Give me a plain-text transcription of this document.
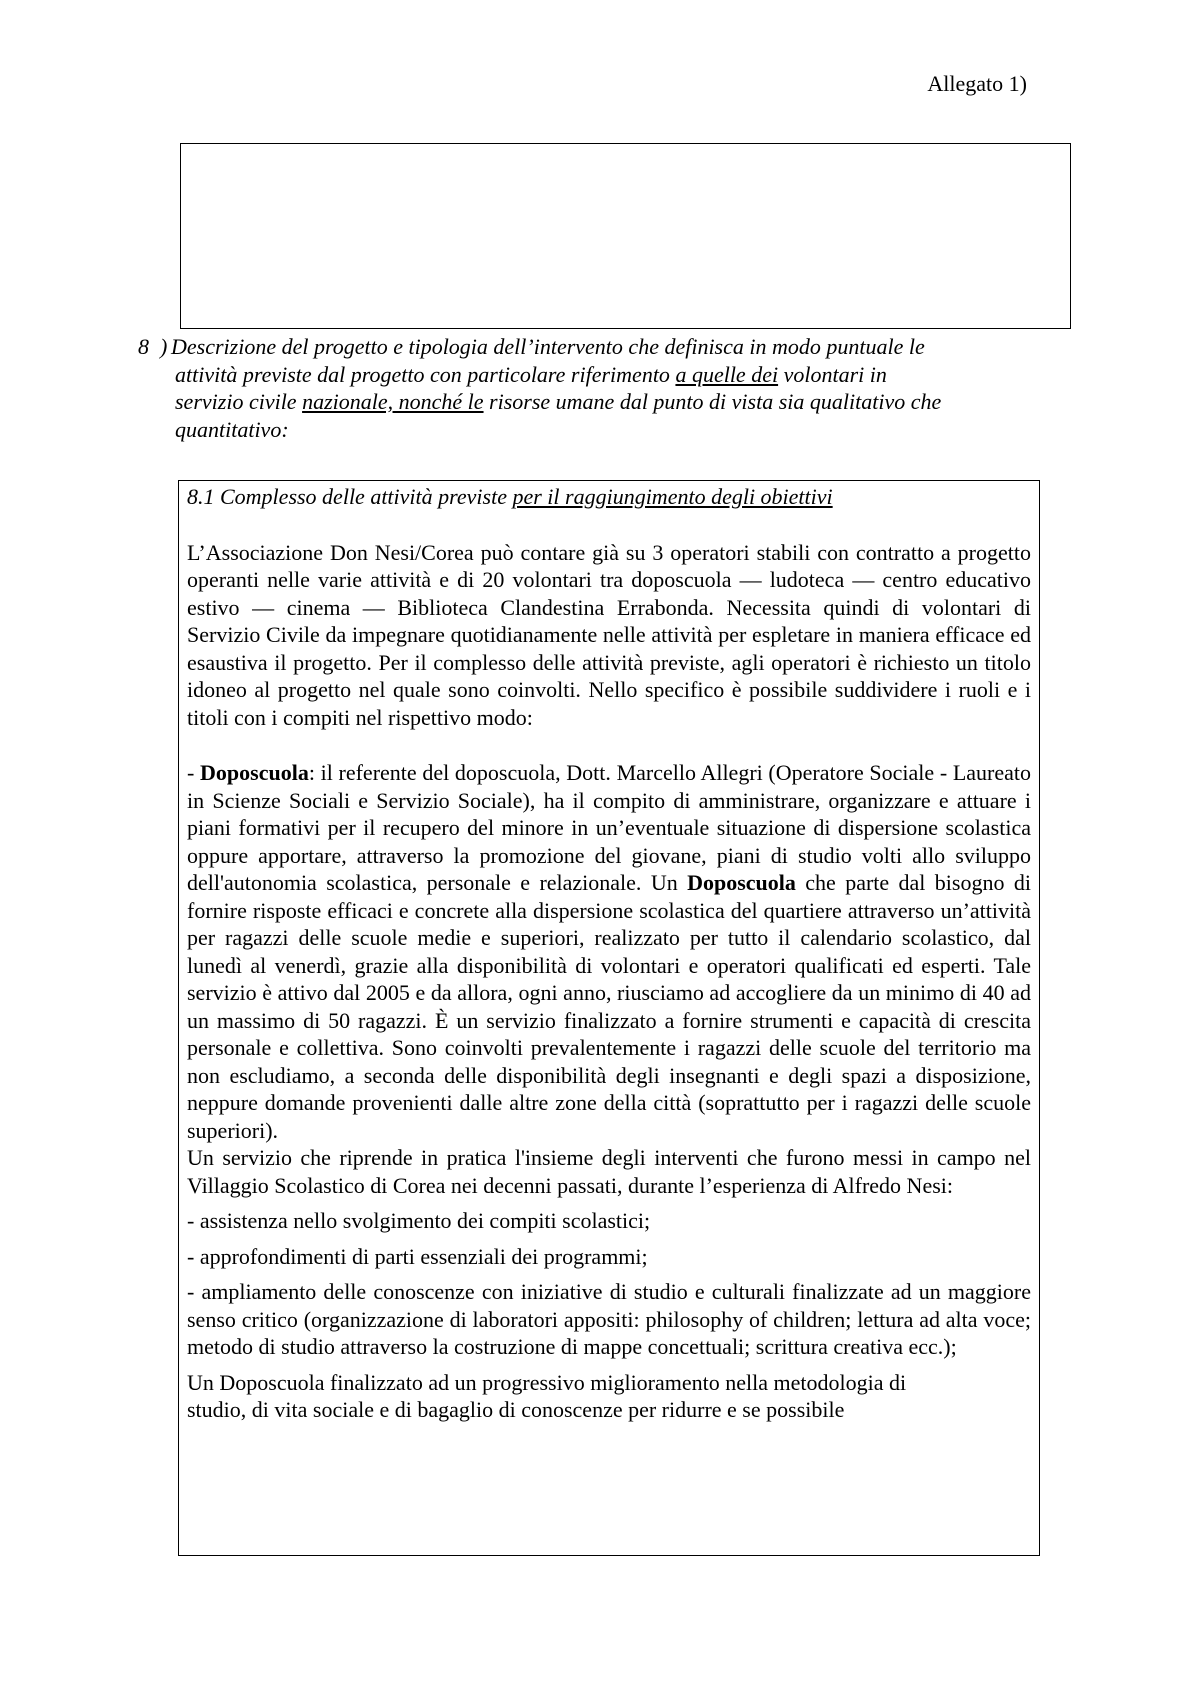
Allegato 1)
8 ) Descrizione del progetto e tipologia dell’intervento che definisca in modo puntuale le
attività previste dal progetto con particolare riferimento a quelle dei volontari in
servizio civile nazionale, nonché le risorse umane dal punto di vista sia qualitativo che
quantitativo:

8.1 Complesso delle attività previste per il raggiungimento degli obiettivi

L’Associazione Don Nesi/Corea può contare già su 3 operatori stabili con contratto a progetto operanti nelle varie attività e di 20 volontari tra doposcuola — ludoteca — centro educativo estivo — cinema — Biblioteca Clandestina Errabonda. Necessita quindi di volontari di Servizio Civile da impegnare quotidianamente nelle attività per espletare in maniera efficace ed esaustiva il progetto. Per il complesso delle attività previste, agli operatori è richiesto un titolo idoneo al progetto nel quale sono coinvolti. Nello specifico è possibile suddividere i ruoli e i titoli con i compiti nel rispettivo modo:

- Doposcuola: il referente del doposcuola, Dott. Marcello Allegri (Operatore Sociale - Laureato in Scienze Sociali e Servizio Sociale), ha il compito di amministrare, organizzare e attuare i piani formativi per il recupero del minore in un’eventuale situazione di dispersione scolastica oppure apportare, attraverso la promozione del giovane, piani di studio volti allo sviluppo dell'autonomia scolastica, personale e relazionale. Un Doposcuola che parte dal bisogno di fornire risposte efficaci e concrete alla dispersione scolastica del quartiere attraverso un’attività per ragazzi delle scuole medie e superiori, realizzato per tutto il calendario scolastico, dal lunedì al venerdì, grazie alla disponibilità di volontari e operatori qualificati ed esperti. Tale servizio è attivo dal 2005 e da allora, ogni anno, riusciamo ad accogliere da un minimo di 40 ad un massimo di 50 ragazzi. È un servizio finalizzato a fornire strumenti e capacità di crescita personale e collettiva. Sono coinvolti prevalentemente i ragazzi delle scuole del territorio ma non escludiamo, a seconda delle disponibilità degli insegnanti e degli spazi a disposizione, neppure domande provenienti dalle altre zone della città (soprattutto per i ragazzi delle scuole superiori).

Un servizio che riprende in pratica l'insieme degli interventi che furono messi in campo nel Villaggio Scolastico di Corea nei decenni passati, durante l’esperienza di Alfredo Nesi:

- assistenza nello svolgimento dei compiti scolastici;

- approfondimenti di parti essenziali dei programmi;

- ampliamento delle conoscenze con iniziative di studio e culturali finalizzate ad un maggiore senso critico (organizzazione di laboratori appositi: philosophy of children; lettura ad alta voce; metodo di studio attraverso la costruzione di mappe concettuali; scrittura creativa ecc.);

Un Doposcuola finalizzato ad un progressivo miglioramento nella metodologia di
studio, di vita sociale e di bagaglio di conoscenze per ridurre e se possibile
